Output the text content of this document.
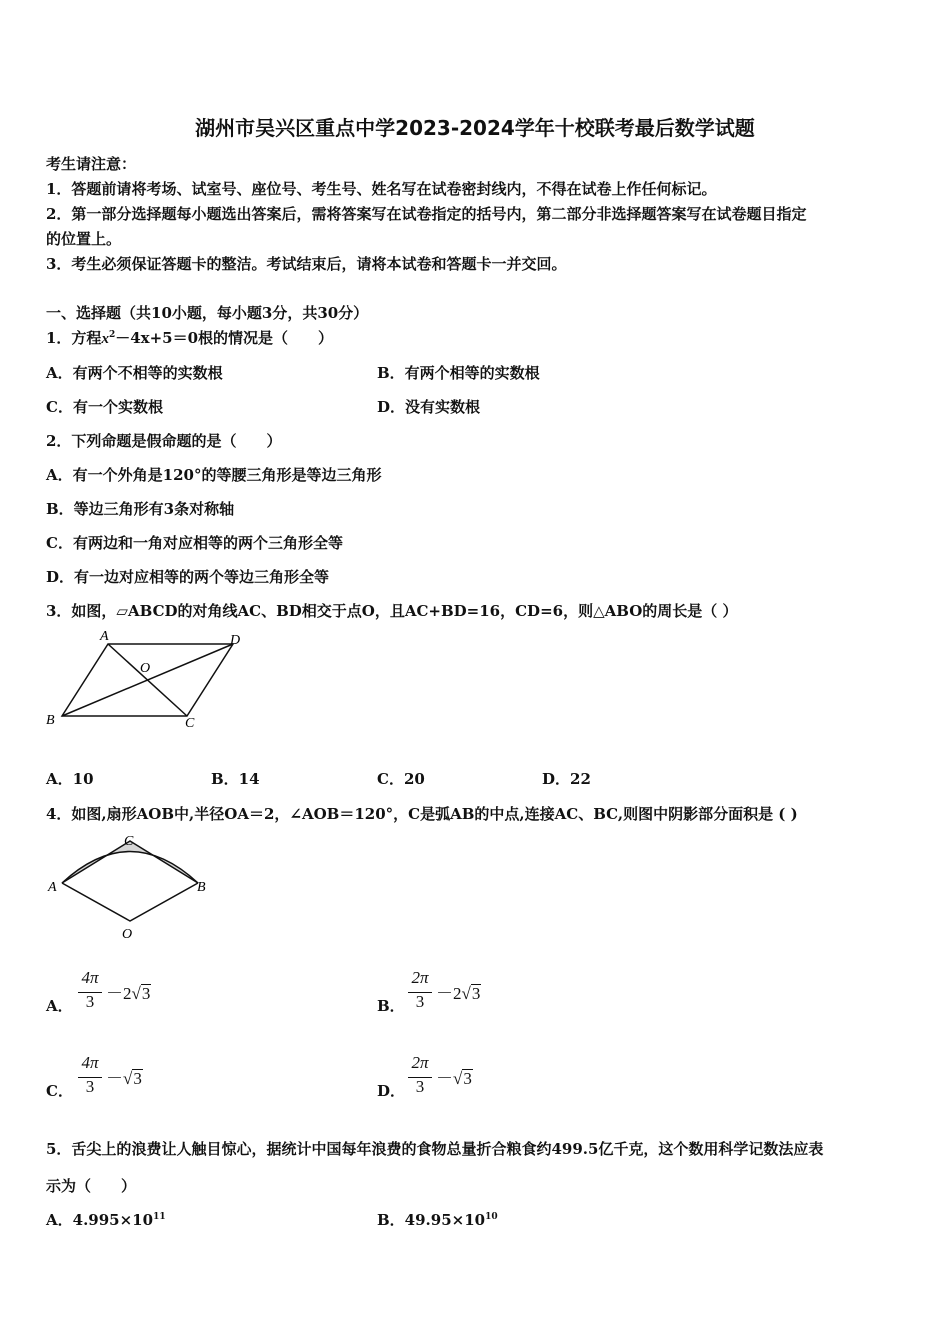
湖州市吴兴区重点中学2023-2024学年十校联考最后数学试题
考生请注意：
1．答题前请将考场、试室号、座位号、考生号、姓名写在试卷密封线内，不得在试卷上作任何标记。
2．第一部分选择题每小题选出答案后，需将答案写在试卷指定的括号内，第二部分非选择题答案写在试卷题目指定
的位置上。
3．考生必须保证答题卡的整洁。考试结束后，请将本试卷和答题卡一并交回。
一、选择题（共10小题，每小题3分，共30分）
1．方程$x^2-4x+5=0$根的情况是（　　）
A．有两个不相等的实数根	B．有两个相等的实数根
C．有一个实数根	D．没有实数根
2．下列命题是假命题的是（　　）
A．有一个外角是120°的等腰三角形是等边三角形
B．等边三角形有3条对称轴
C．有两边和一角对应相等的两个三角形全等
D．有一边对应相等的两个等边三角形全等
3．如图，▱ABCD的对角线AC、BD相交于点O，且AC+BD=16，CD=6，则△ABO的周长是（ ）
A	D
B	C
O
A．10	B．14	C．20	D．22
4．如图,扇形AOB中,半径OA＝2，∠AOB＝120°，C是弧AB的中点,连接AC、BC,则图中阴影部分面积是 ( )
C
A	B
O
A．
4π
3 －2√3
B．
2π
3 －2√3
C．
4π
3 －√3
D．
2π
3 －√3
5．舌尖上的浪费让人触目惊心，据统计中国每年浪费的食物总量折合粮食约499.5亿千克，这个数用科学记数法应表
示为（　　）
A．$4.995\times 10^{11}$	B．$49.95\times 10^{10}$
